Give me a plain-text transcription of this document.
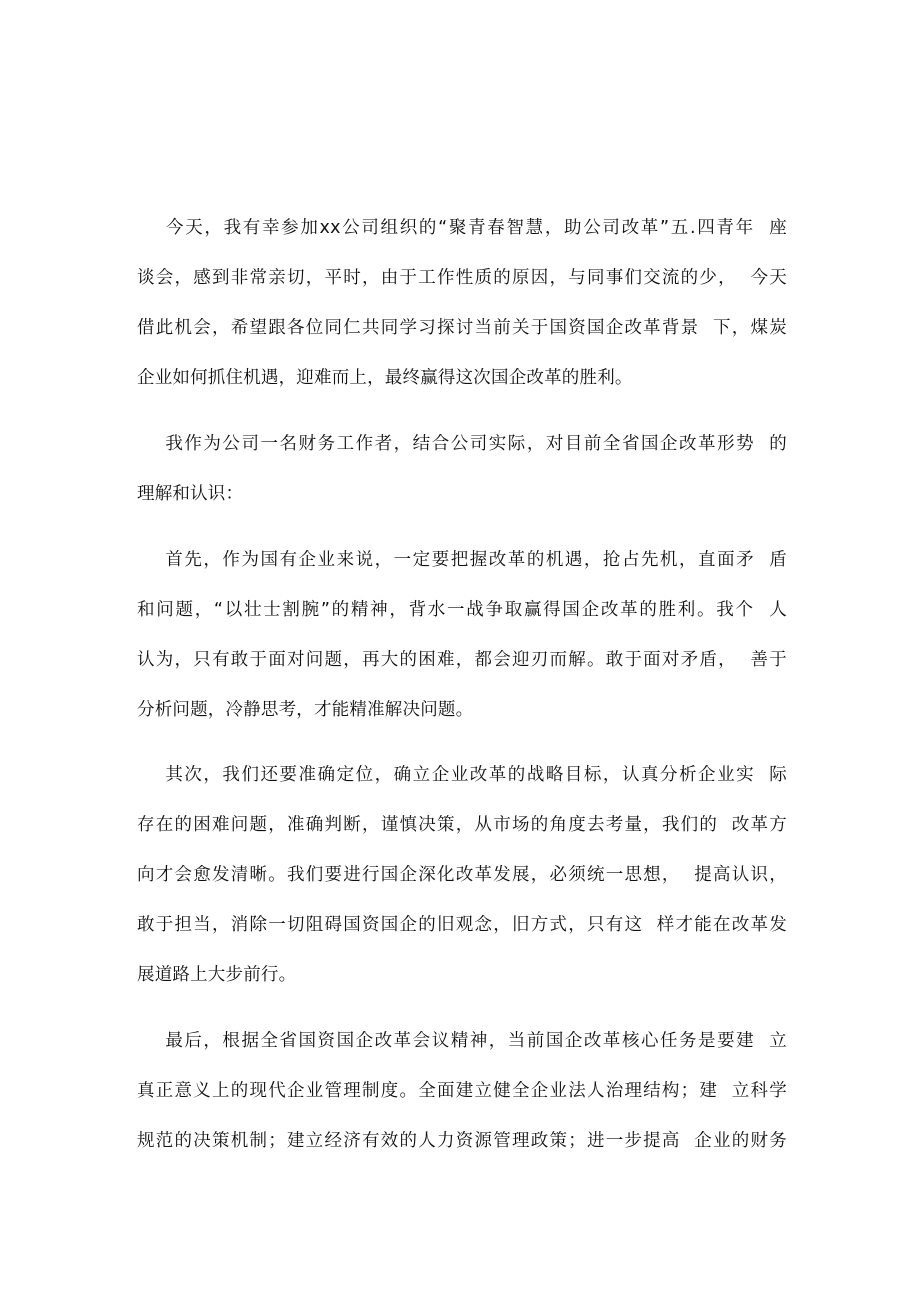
今天，我有幸参加xx公司组织的“聚青春智慧，助公司改革”五.四青年  座
谈会，感到非常亲切，平时，由于工作性质的原因，与同事们交流的少，  今天
借此机会，希望跟各位同仁共同学习探讨当前关于国资国企改革背景  下，煤炭
企业如何抓住机遇，迎难而上，最终赢得这次国企改革的胜利。
我作为公司一名财务工作者，结合公司实际，对目前全省国企改革形势  的
理解和认识：
首先，作为国有企业来说，一定要把握改革的机遇，抢占先机，直面矛  盾
和问题，“以壮士割腕”的精神，背水一战争取赢得国企改革的胜利。我个  人
认为，只有敢于面对问题，再大的困难，都会迎刃而解。敢于面对矛盾，  善于
分析问题，冷静思考，才能精准解决问题。
其次，我们还要准确定位，确立企业改革的战略目标，认真分析企业实  际
存在的困难问题，准确判断，谨慎决策，从市场的角度去考量，我们的  改革方
向才会愈发清晰。我们要进行国企深化改革发展，必须统一思想，  提高认识，
敢于担当，消除一切阻碍国资国企的旧观念，旧方式，只有这  样才能在改革发
展道路上大步前行。
最后，根据全省国资国企改革会议精神，当前国企改革核心任务是要建  立
真正意义上的现代企业管理制度。全面建立健全企业法人治理结构；建  立科学
规范的决策机制；建立经济有效的人力资源管理政策；进一步提高  企业的财务
